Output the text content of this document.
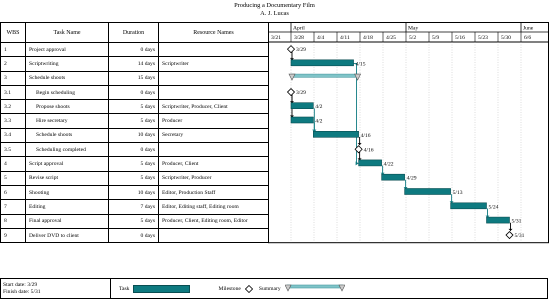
Producing a Documentary Film
A. J. Lucas
WBS	Task Name	Duration	Resource Names
1	Project approval	0 days
2	Scriptwriting	14 days	Scriptwriter
3	Schedule shoots	15 days
3.1	Begin scheduling	0 days
3.2	Propose shoots	5 days	Scriptwriter, Producer, Client
3.3	Hire secretary	5 days	Producer
3.4	Schedule shoots	10 days	Secretary
3.5	Scheduling completed	0 days
4	Script approval	5 days	Producer, Client
5	Revise script	5 days	Scriptwriter, Producer
6	Shooting	10 days	Editor, Production Staff
7	Editing	7 days	Editor, Editing staff, Editing room
8	Final approval	5 days	Producer, Client, Editing room, Editor
9	Deliver DVD to client	0 days
April	May	June
3/21 3/28 4/4	4/11 4/18 4/25 5/2	5/9	5/16 5/23 5/30 6/6
3/29
4/15
3/29
4/2
4/2
4/16
4/16
4/22
4/29
5/13
5/24
5/31
5/31
Start date: 3/29
Finish date: 5/31
Task	Milestone	Summary
